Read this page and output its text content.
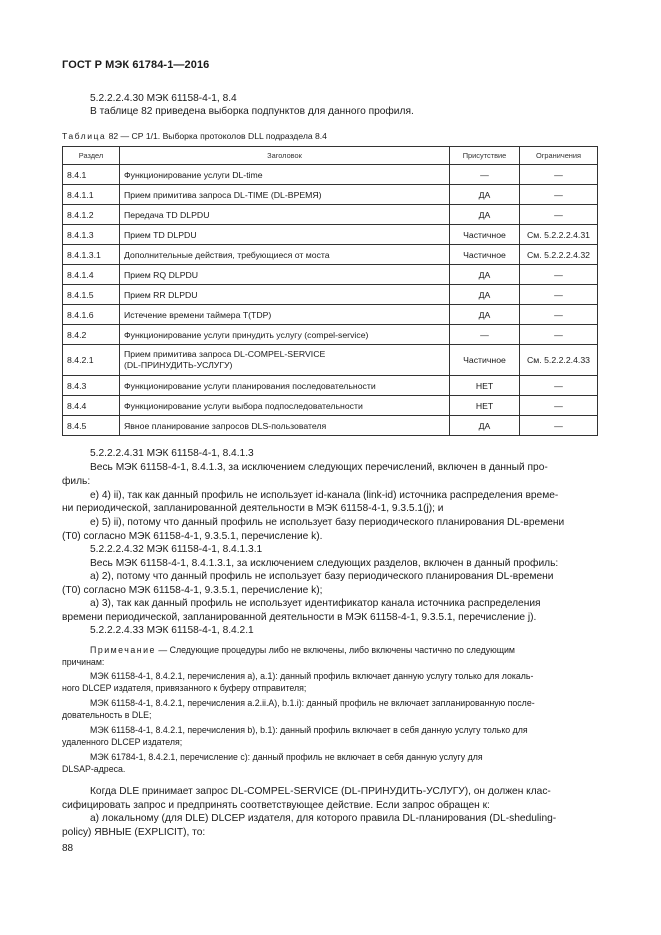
ГОСТ Р МЭК 61784-1—2016
5.2.2.2.4.30 МЭК 61158-4-1, 8.4
В таблице 82 приведена выборка подпунктов для данного профиля.
Таблица 82 — СР 1/1. Выборка протоколов DLL подраздела 8.4
Раздел	Заголовок	Присутствие	Ограничения
8.4.1	Функционирование услуги DL-time	—	—
8.4.1.1	Прием примитива запроса DL-TIME (DL-ВРЕМЯ)	ДА	—
8.4.1.2	Передача TD DLPDU	ДА	—
8.4.1.3	Прием TD DLPDU	Частичное	См. 5.2.2.2.4.31
8.4.1.3.1	Дополнительные действия, требующиеся от моста	Частичное	См. 5.2.2.2.4.32
8.4.1.4	Прием RQ DLPDU	ДА	—
8.4.1.5	Прием RR DLPDU	ДА	—
8.4.1.6	Истечение времени таймера T(TDP)	ДА	—
8.4.2	Функционирование услуги принудить услугу (compel-service)	—	—
8.4.2.1	Прием примитива запроса DL-COMPEL-SERVICE
(DL-ПРИНУДИТЬ-УСЛУГУ)	Частичное	См. 5.2.2.2.4.33
8.4.3	Функционирование услуги планирования последовательности	НЕТ	—
8.4.4	Функционирование услуги выбора подпоследовательности	НЕТ	—
8.4.5	Явное планирование запросов DLS-пользователя	ДА	—
5.2.2.2.4.31 МЭК 61158-4-1, 8.4.1.3
Весь МЭК 61158-4-1, 8.4.1.3, за исключением следующих перечислений, включен в данный про-
филь:
е) 4) ii), так как данный профиль не использует id-канала (link-id) источника распределения време-
ни периодической, запланированной деятельности в МЭК 61158-4-1, 9.3.5.1(j); и
е) 5) ii), потому что данный профиль не использует базу периодического планирования DL-времени
(Т0) согласно МЭК 61158-4-1, 9.3.5.1, перечисление k).
5.2.2.2.4.32 МЭК 61158-4-1, 8.4.1.3.1
Весь МЭК 61158-4-1, 8.4.1.3.1, за исключением следующих разделов, включен в данный профиль:
а) 2), потому что данный профиль не использует базу периодического планирования DL-времени
(Т0) согласно МЭК 61158-4-1, 9.3.5.1, перечисление k);
а) 3), так как данный профиль не использует идентификатор канала источника распределения
времени периодической, запланированной деятельности в МЭК 61158-4-1, 9.3.5.1, перечисление j).
5.2.2.2.4.33 МЭК 61158-4-1, 8.4.2.1
Примечание — Следующие процедуры либо не включены, либо включены частично по следующим
причинам:
МЭК 61158-4-1, 8.4.2.1, перечисления a), a.1): данный профиль включает данную услугу только для локаль-
ного DLCEP издателя, привязанного к буферу отправителя;
МЭК 61158-4-1, 8.4.2.1, перечисления a.2.ii.A), b.1.i): данный профиль не включает запланированную после-
довательность в DLE;
МЭК 61158-4-1, 8.4.2.1, перечисления b), b.1): данный профиль включает в себя данную услугу только для
удаленного DLCEP издателя;
МЭК 61784-1, 8.4.2.1, перечисление c): данный профиль не включает в себя данную услугу для
DLSAP-адреса.
Когда DLE принимает запрос DL-COMPEL-SERVICE (DL-ПРИНУДИТЬ-УСЛУГУ), он должен клас-
сифицировать запрос и предпринять соответствующее действие. Если запрос обращен к:
а) локальному (для DLE) DLCEP издателя, для которого правила DL-планирования (DL-sheduling-
policy) ЯВНЫЕ (EXPLICIT), то:
88
